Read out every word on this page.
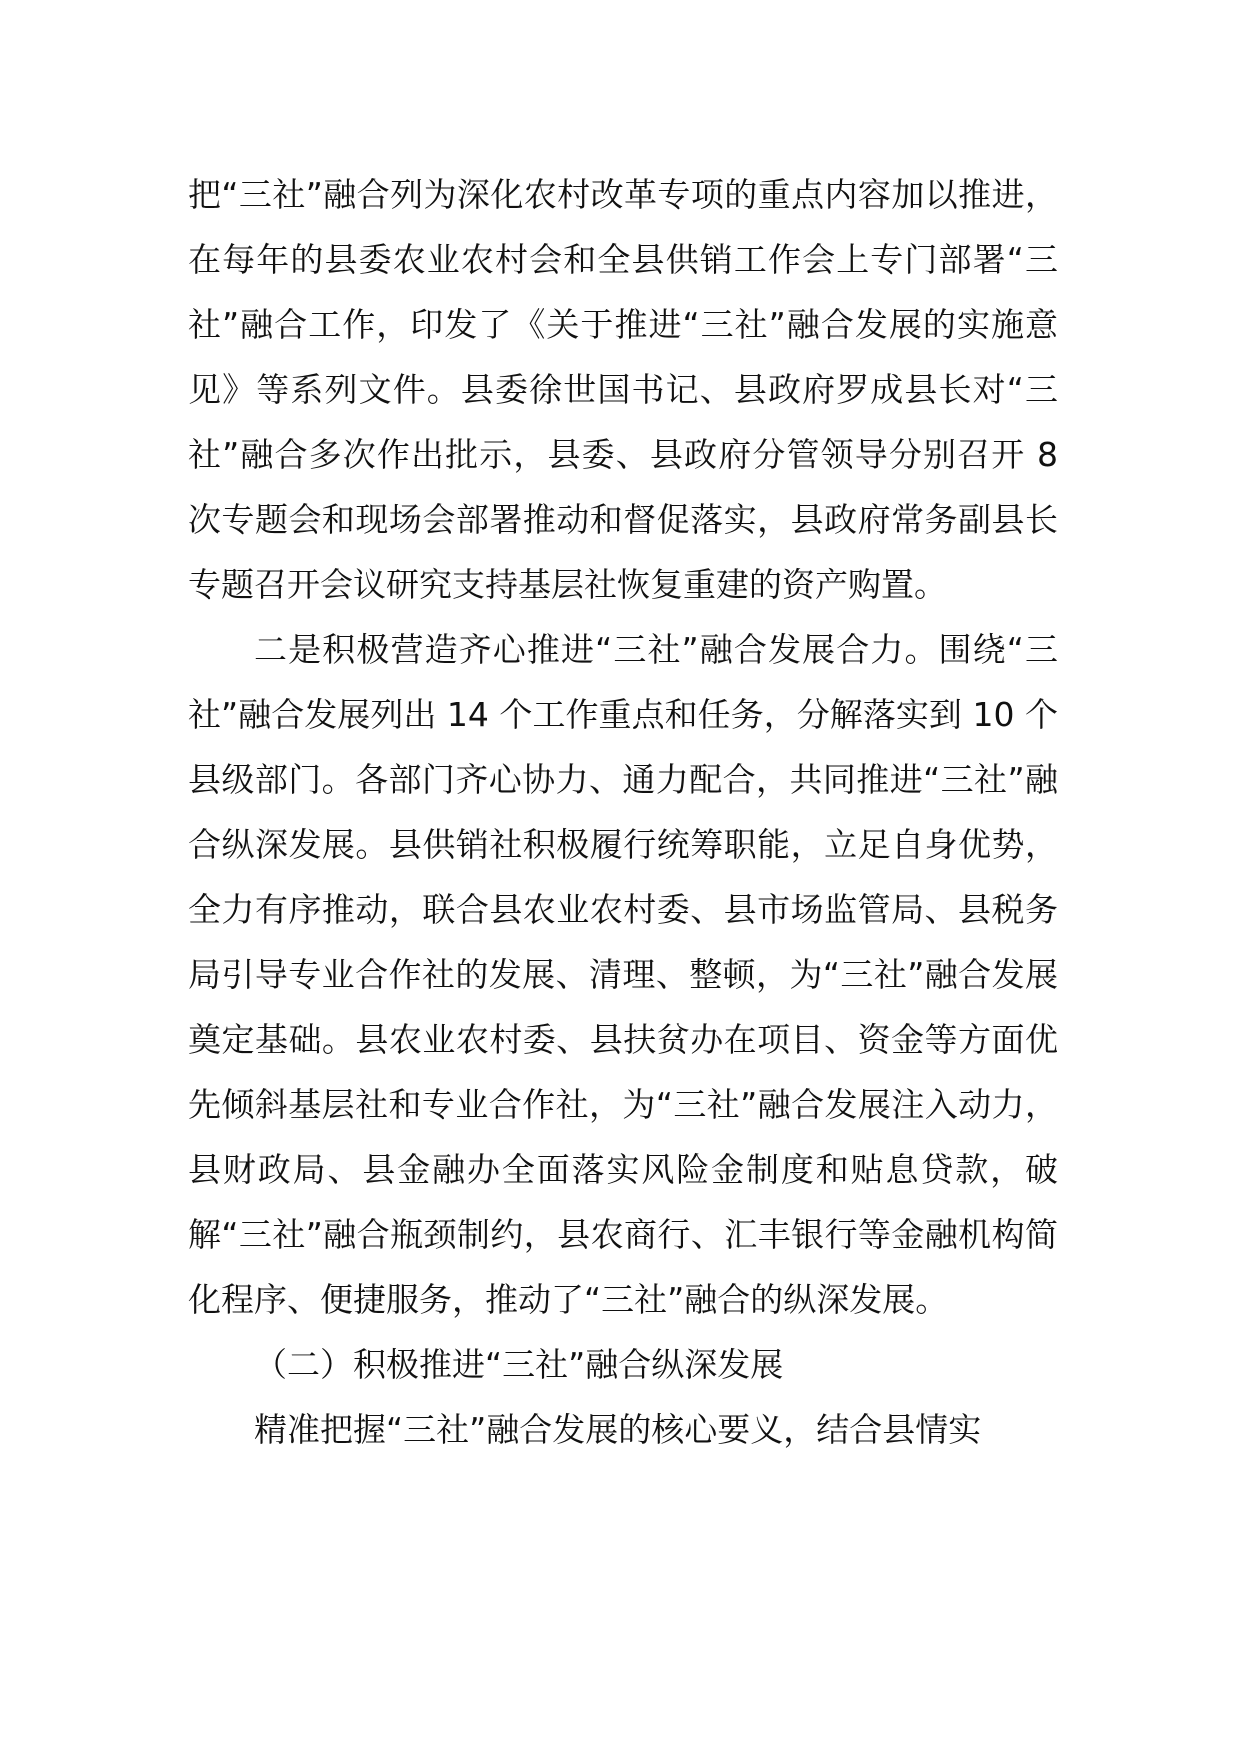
把“三社”融合列为深化农村改革专项的重点内容加以推进，在每年的县委农业农村会和全县供销工作会上专门部署“三社”融合工作，印发了《关于推进“三社”融合发展的实施意见》等系列文件。县委徐世国书记、县政府罗成县长对“三社”融合多次作出批示，县委、县政府分管领导分别召开 8 次专题会和现场会部署推动和督促落实，县政府常务副县长专题召开会议研究支持基层社恢复重建的资产购置。

二是积极营造齐心推进“三社”融合发展合力。围绕“三社”融合发展列出 14 个工作重点和任务，分解落实到 10 个县级部门。各部门齐心协力、通力配合，共同推进“三社”融合纵深发展。县供销社积极履行统筹职能，立足自身优势，全力有序推动，联合县农业农村委、县市场监管局、县税务局引导专业合作社的发展、清理、整顿，为“三社”融合发展奠定基础。县农业农村委、县扶贫办在项目、资金等方面优先倾斜基层社和专业合作社，为“三社”融合发展注入动力，县财政局、县金融办全面落实风险金制度和贴息贷款，破解“三社”融合瓶颈制约，县农商行、汇丰银行等金融机构简化程序、便捷服务，推动了“三社”融合的纵深发展。

（二）积极推进“三社”融合纵深发展

精准把握“三社”融合发展的核心要义，结合县情实
